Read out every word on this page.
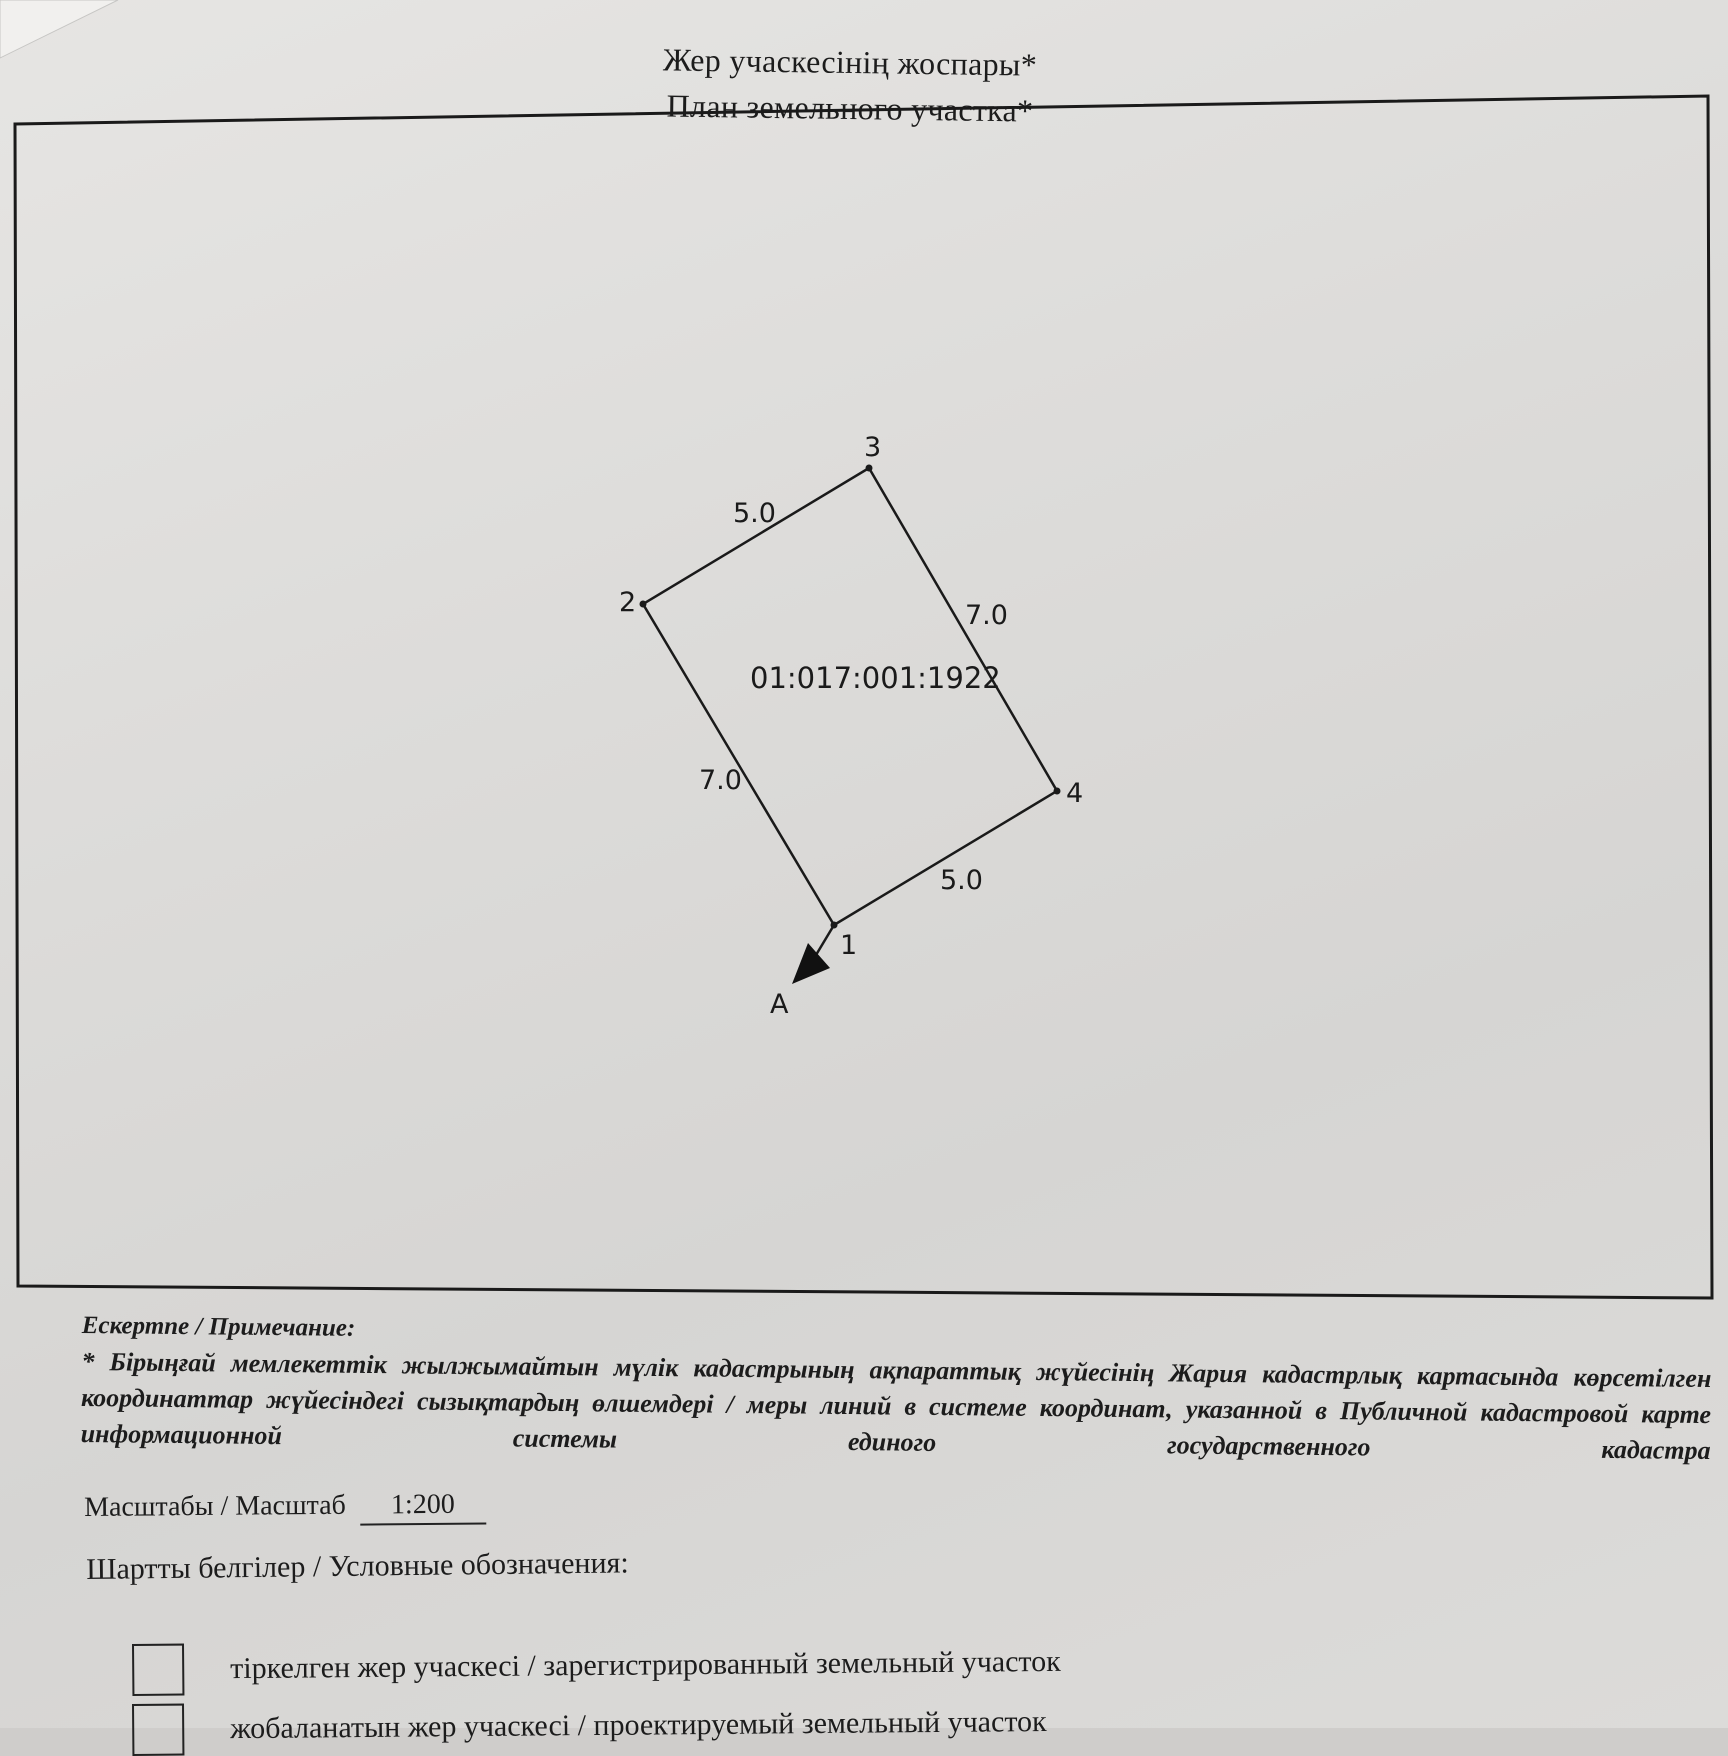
Жер учаскесінің жоспары*
План земельного участка*
1
2
3
4
7.0
5.0
7.0
5.0
01:017:001:1922
A
Ескертпе / Примечание:
* Бірыңғай мемлекеттік жылжымайтын мүлік кадастрының ақпараттық жүйесінің Жария кадастрлық картасында көрсетілген координаттар жүйесіндегі сызықтардың өлшемдері / меры линий в системе координат, указанной в Публичной кадастровой карте информационной системы единого государственного кадастра
Масштабы / Масштаб 1:200
Шартты белгілер / Условные обозначения:
тіркелген жер учаскесі / зарегистрированный земельный участок
жобаланатын жер учаскесі / проектируемый земельный участок
